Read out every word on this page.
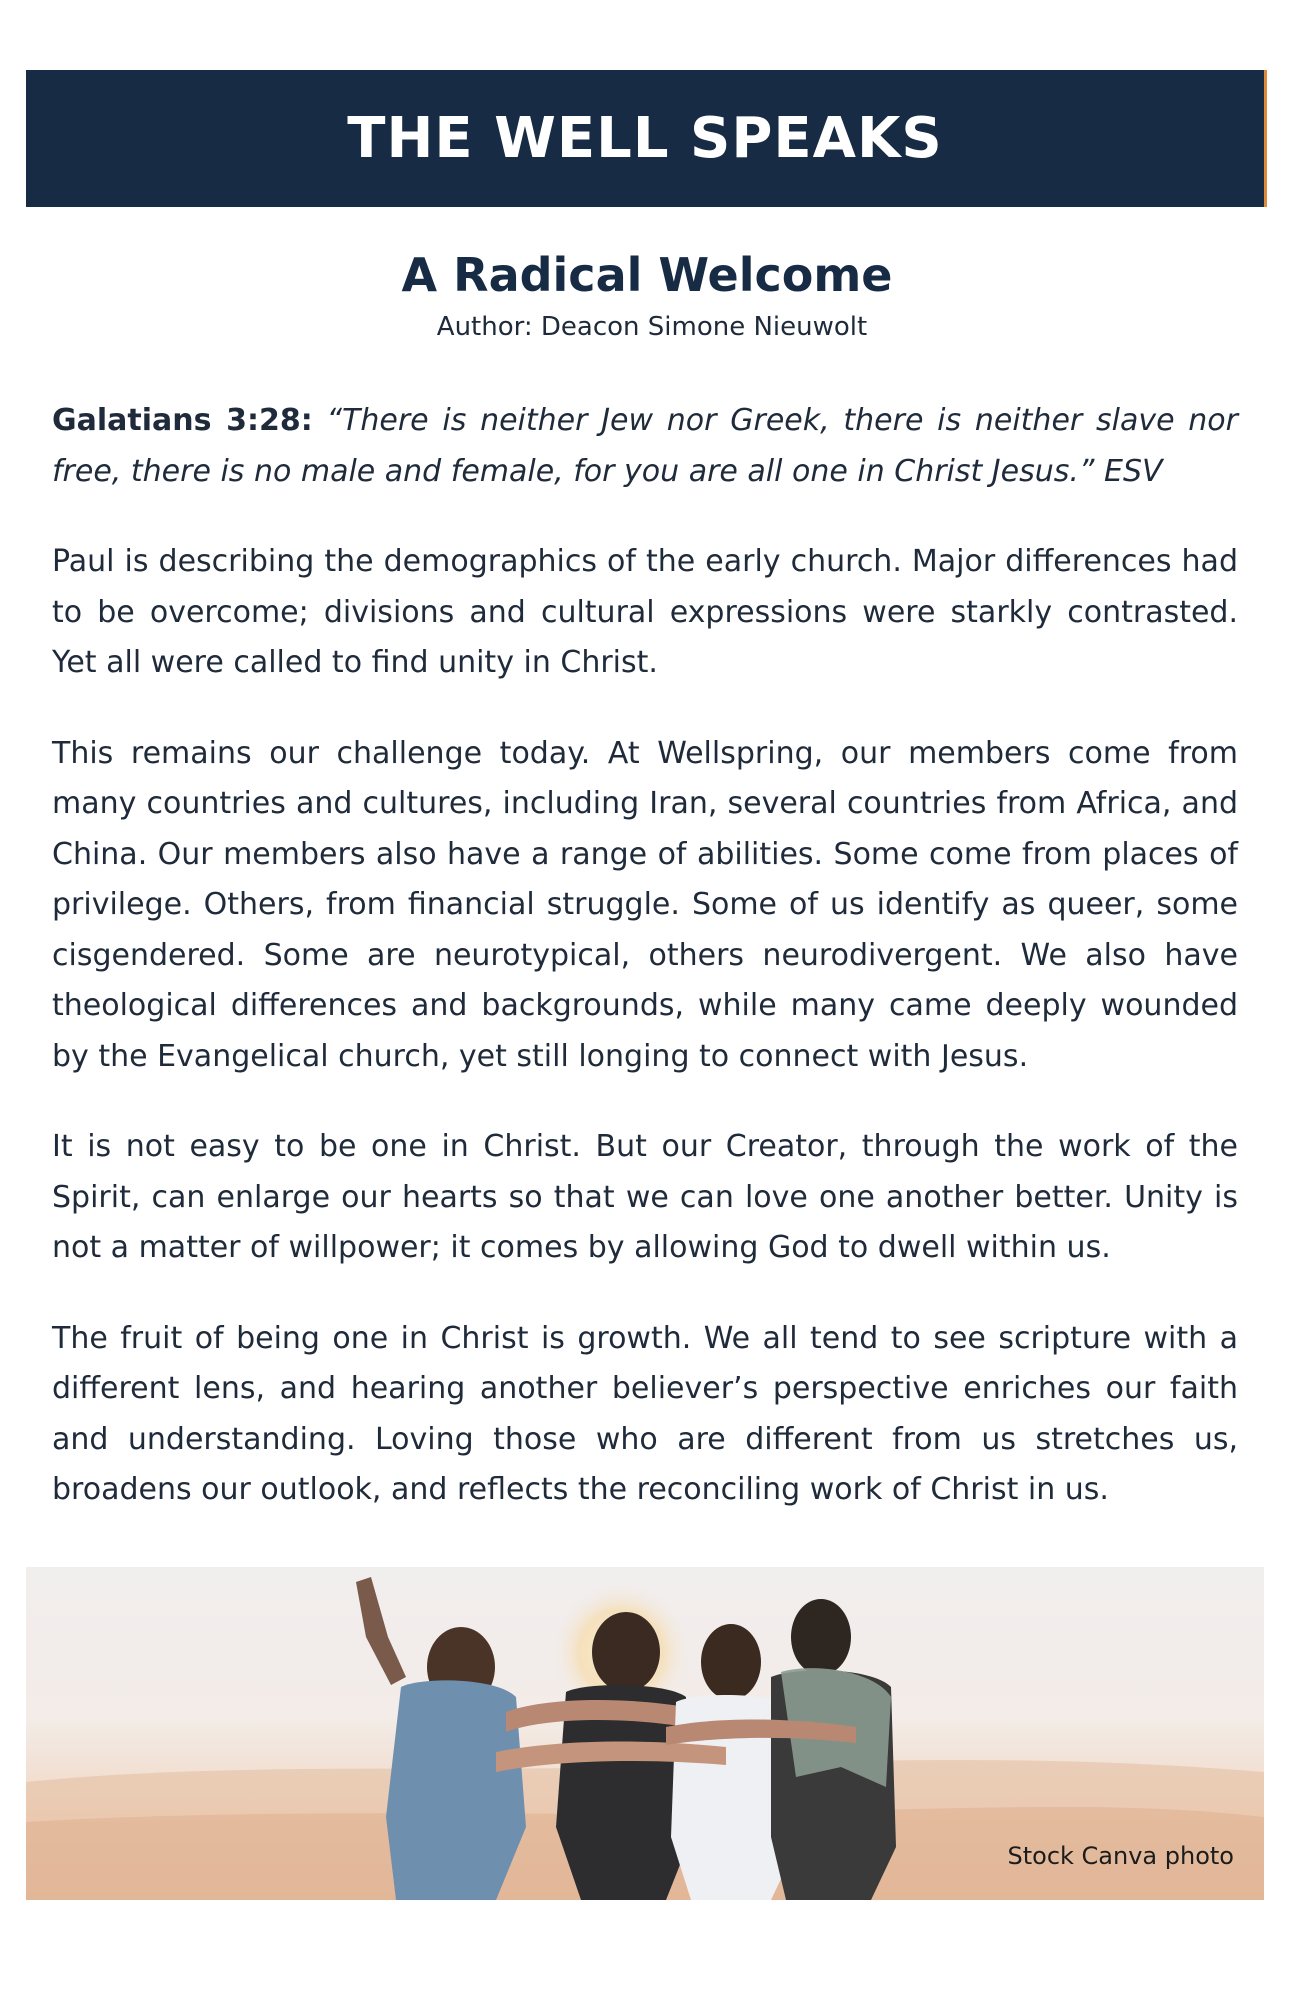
THE WELL SPEAKS
A Radical Welcome
Author: Deacon Simone Nieuwolt

Galatians 3:28: “There is neither Jew nor Greek, there is neither slave nor free, there is no male and female, for you are all one in Christ Jesus.” ESV

Paul is describing the demographics of the early church. Major differences had to be overcome; divisions and cultural expressions were starkly contrasted. Yet all were called to find unity in Christ.

This remains our challenge today. At Wellspring, our members come from many countries and cultures, including Iran, several countries from Africa, and China. Our members also have a range of abilities. Some come from places of privilege. Others, from financial struggle. Some of us identify as queer, some cisgendered. Some are neurotypical, others neurodivergent. We also have theological differences and backgrounds, while many came deeply wounded by the Evangelical church, yet still longing to connect with Jesus.

It is not easy to be one in Christ. But our Creator, through the work of the Spirit, can enlarge our hearts so that we can love one another better. Unity is not a matter of willpower; it comes by allowing God to dwell within us.

The fruit of being one in Christ is growth. We all tend to see scripture with a different lens, and hearing another believer’s perspective enriches our faith and understanding. Loving those who are different from us stretches us, broadens our outlook, and reflects the reconciling work of Christ in us.

Stock Canva photo
